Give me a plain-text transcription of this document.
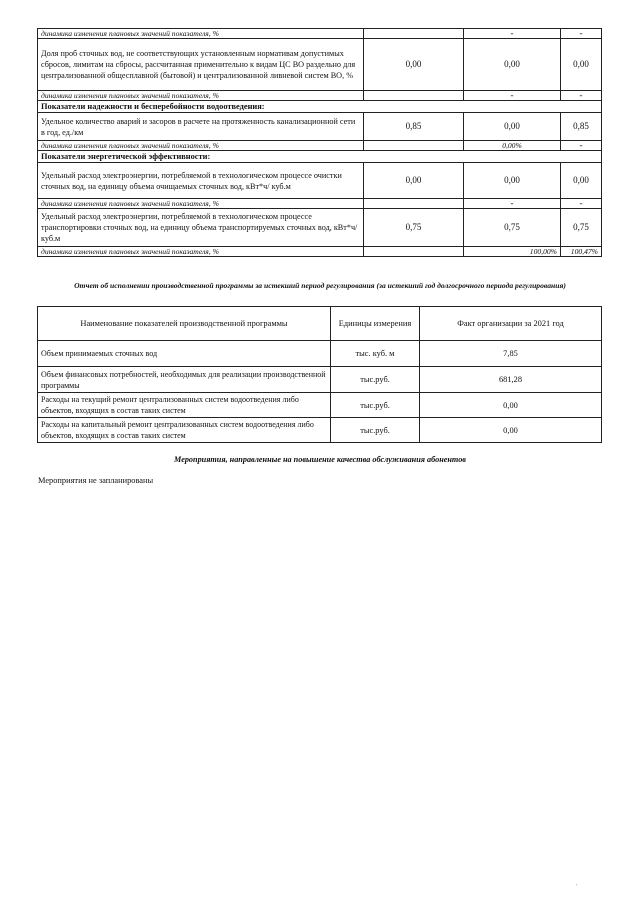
динамика изменения плановых значений показателя, %		-	-
Доля проб сточных вод, не соответствующих установленным нормативам допустимых сбросов, лимитам на сбросы, рассчитанная применительно к видам ЦС ВО раздельно для централизованной общесплавной (бытовой) и централизованной ливневой систем ВО, %	0,00	0,00	0,00
динамика изменения плановых значений показателя, %		-	-
Показатели надежности и бесперебойности водоотведения:			
Удельное количество аварий и засоров в расчете на протяженность канализационной сети в год, ед./км	0,85	0,00	0,85
динамика изменения плановых значений показателя, %		0,00%	-
Показатели энергетической эффективности:			
Удельный расход электроэнергии, потребляемой в технологическом процессе очистки сточных вод, на единицу объема очищаемых сточных вод, кВт*ч/ куб.м	0,00	0,00	0,00
динамика изменения плановых значений показателя, %		-	-
Удельный расход электроэнергии, потребляемой в технологическом процессе транспортировки сточных вод, на единицу объема транспортируемых сточных вод, кВт*ч/ куб.м	0,75	0,75	0,75
динамика изменения плановых значений показателя, %		100,00%	100,47%
Отчет об исполнении производственной программы за истекший период регулирования (за истекший год долгосрочного периода регулирования)
Наименование показателей производственной программы	Единицы измерения	Факт организации за 2021 год
Объем принимаемых сточных вод	тыс. куб. м	7,85
Объем финансовых потребностей, необходимых для реализации производственной программы	тыс.руб.	681,28
Расходы на текущий ремонт централизованных систем водоотведения либо объектов, входящих в состав таких систем	тыс.руб.	0,00
Расходы на капитальный ремонт централизованных систем водоотведения либо объектов, входящих в состав таких систем	тыс.руб.	0,00
Мероприятия, направленные на повышение качества обслуживания абонентов
Мероприятия не запланированы
'
